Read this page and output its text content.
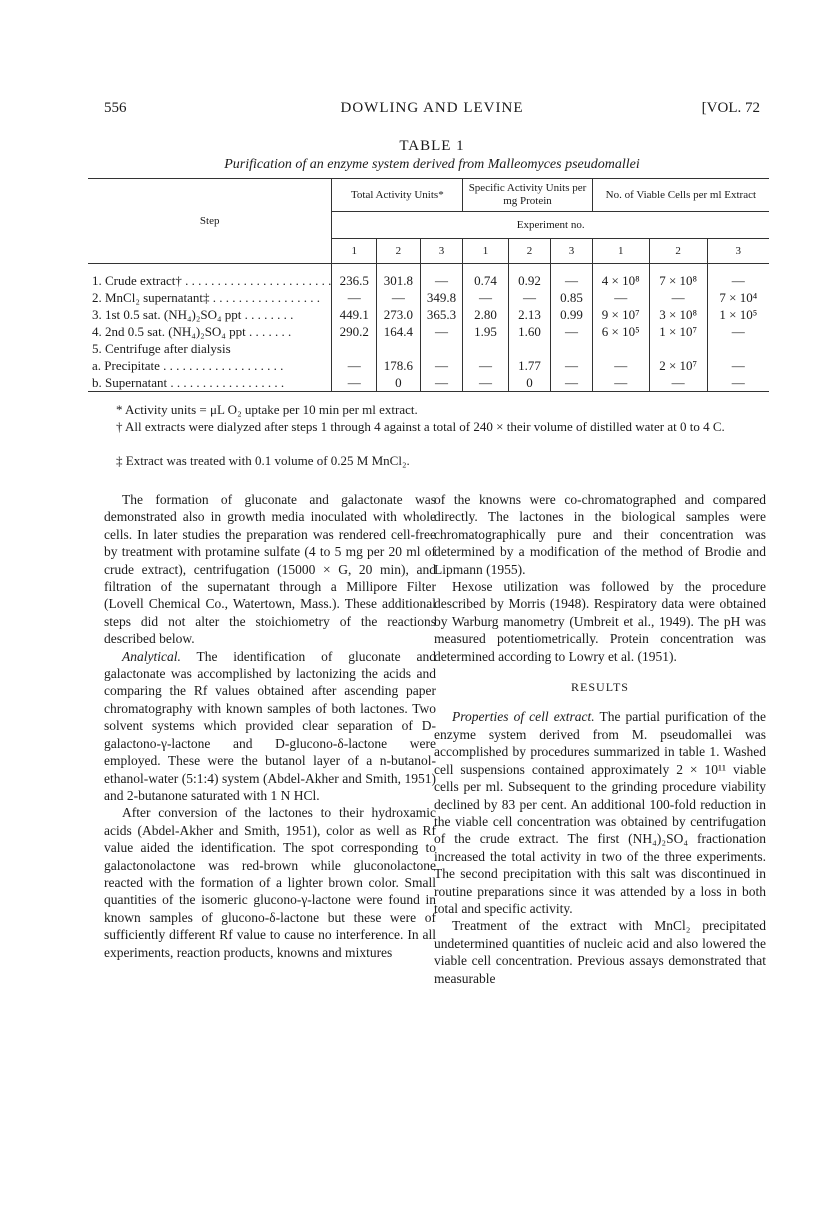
556	DOWLING AND LEVINE	[VOL. 72
TABLE 1
Purification of an enzyme system derived from Malleomyces pseudomallei
Step	Total Activity Units*			Specific Activity Units per mg Protein			No. of Viable Cells per ml Extract		
	Experiment no.								
	1	2	3	1	2	3	1	2	3

1. Crude extract† . . . . . . . . . . . . . . . . . . . . . . .	236.5	301.8	—	0.74	0.92	—	4 × 10⁸	7 × 10⁸	—
2. MnCl₂ supernatant‡ . . . . . . . . . . . . . . . . .	—	—	349.8	—	—	0.85	—	—	7 × 10⁴
3. 1st 0.5 sat. (NH₄)₂SO₄ ppt . . . . . . . .	449.1	273.0	365.3	2.80	2.13	0.99	9 × 10⁷	3 × 10⁸	1 × 10⁵
4. 2nd 0.5 sat. (NH₄)₂SO₄ ppt . . . . . . .	290.2	164.4	—	1.95	1.60	—	6 × 10⁵	1 × 10⁷	—
5. Centrifuge after dialysis									
a. Precipitate . . . . . . . . . . . . . . . . . . .	—	178.6	—	—	1.77	—	—	2 × 10⁷	—
b. Supernatant . . . . . . . . . . . . . . . . . .	—	0	—	—	0	—	—	—	—
* Activity units = μL O₂ uptake per 10 min per ml extract.
† All extracts were dialyzed after steps 1 through 4 against a total of 240 × their volume of distilled water at 0 to 4 C.
‡ Extract was treated with 0.1 volume of 0.25 M MnCl₂.

The formation of gluconate and galactonate was demonstrated also in growth media inoculated with whole cells. In later studies the preparation was rendered cell-free by treatment with protamine sulfate (4 to 5 mg per 20 ml of crude extract), centrifugation (15000 × G, 20 min), and filtration of the supernatant through a Millipore Filter (Lovell Chemical Co., Watertown, Mass.). These additional steps did not alter the stoichiometry of the reactions described below.

Analytical. The identification of gluconate and galactonate was accomplished by lactonizing the acids and comparing the Rf values obtained after ascending paper chromatography with known samples of both lactones. Two solvent systems which provided clear separation of D-galactono-γ-lactone and D-glucono-δ-lactone were employed. These were the butanol layer of a n-butanol-ethanol-water (5:1:4) system (Abdel-Akher and Smith, 1951) and 2-butanone saturated with 1 N HCl.

After conversion of the lactones to their hydroxamic acids (Abdel-Akher and Smith, 1951), color as well as Rf value aided the identification. The spot corresponding to galactonolactone was red-brown while gluconolactone reacted with the formation of a lighter brown color. Small quantities of the isomeric glucono-γ-lactone were found in known samples of glucono-δ-lactone but these were of sufficiently different Rf value to cause no interference. In all experiments, reaction products, knowns and mixtures

of the knowns were co-chromatographed and compared directly. The lactones in the biological samples were chromatographically pure and their concentration was determined by a modification of the method of Brodie and Lipmann (1955).

Hexose utilization was followed by the procedure described by Morris (1948). Respiratory data were obtained by Warburg manometry (Umbreit et al., 1949). The pH was measured potentiometrically. Protein concentration was determined according to Lowry et al. (1951).

RESULTS

Properties of cell extract. The partial purification of the enzyme system derived from M. pseudomallei was accomplished by procedures summarized in table 1. Washed cell suspensions contained approximately 2 × 10¹¹ viable cells per ml. Subsequent to the grinding procedure viability declined by 83 per cent. An additional 100-fold reduction in the viable cell concentration was obtained by centrifugation of the crude extract. The first (NH₄)₂SO₄ fractionation increased the total activity in two of the three experiments. The second precipitation with this salt was discontinued in routine preparations since it was attended by a loss in both total and specific activity.

Treatment of the extract with MnCl₂ precipitated undetermined quantities of nucleic acid and also lowered the viable cell concentration. Previous assays demonstrated that measurable
